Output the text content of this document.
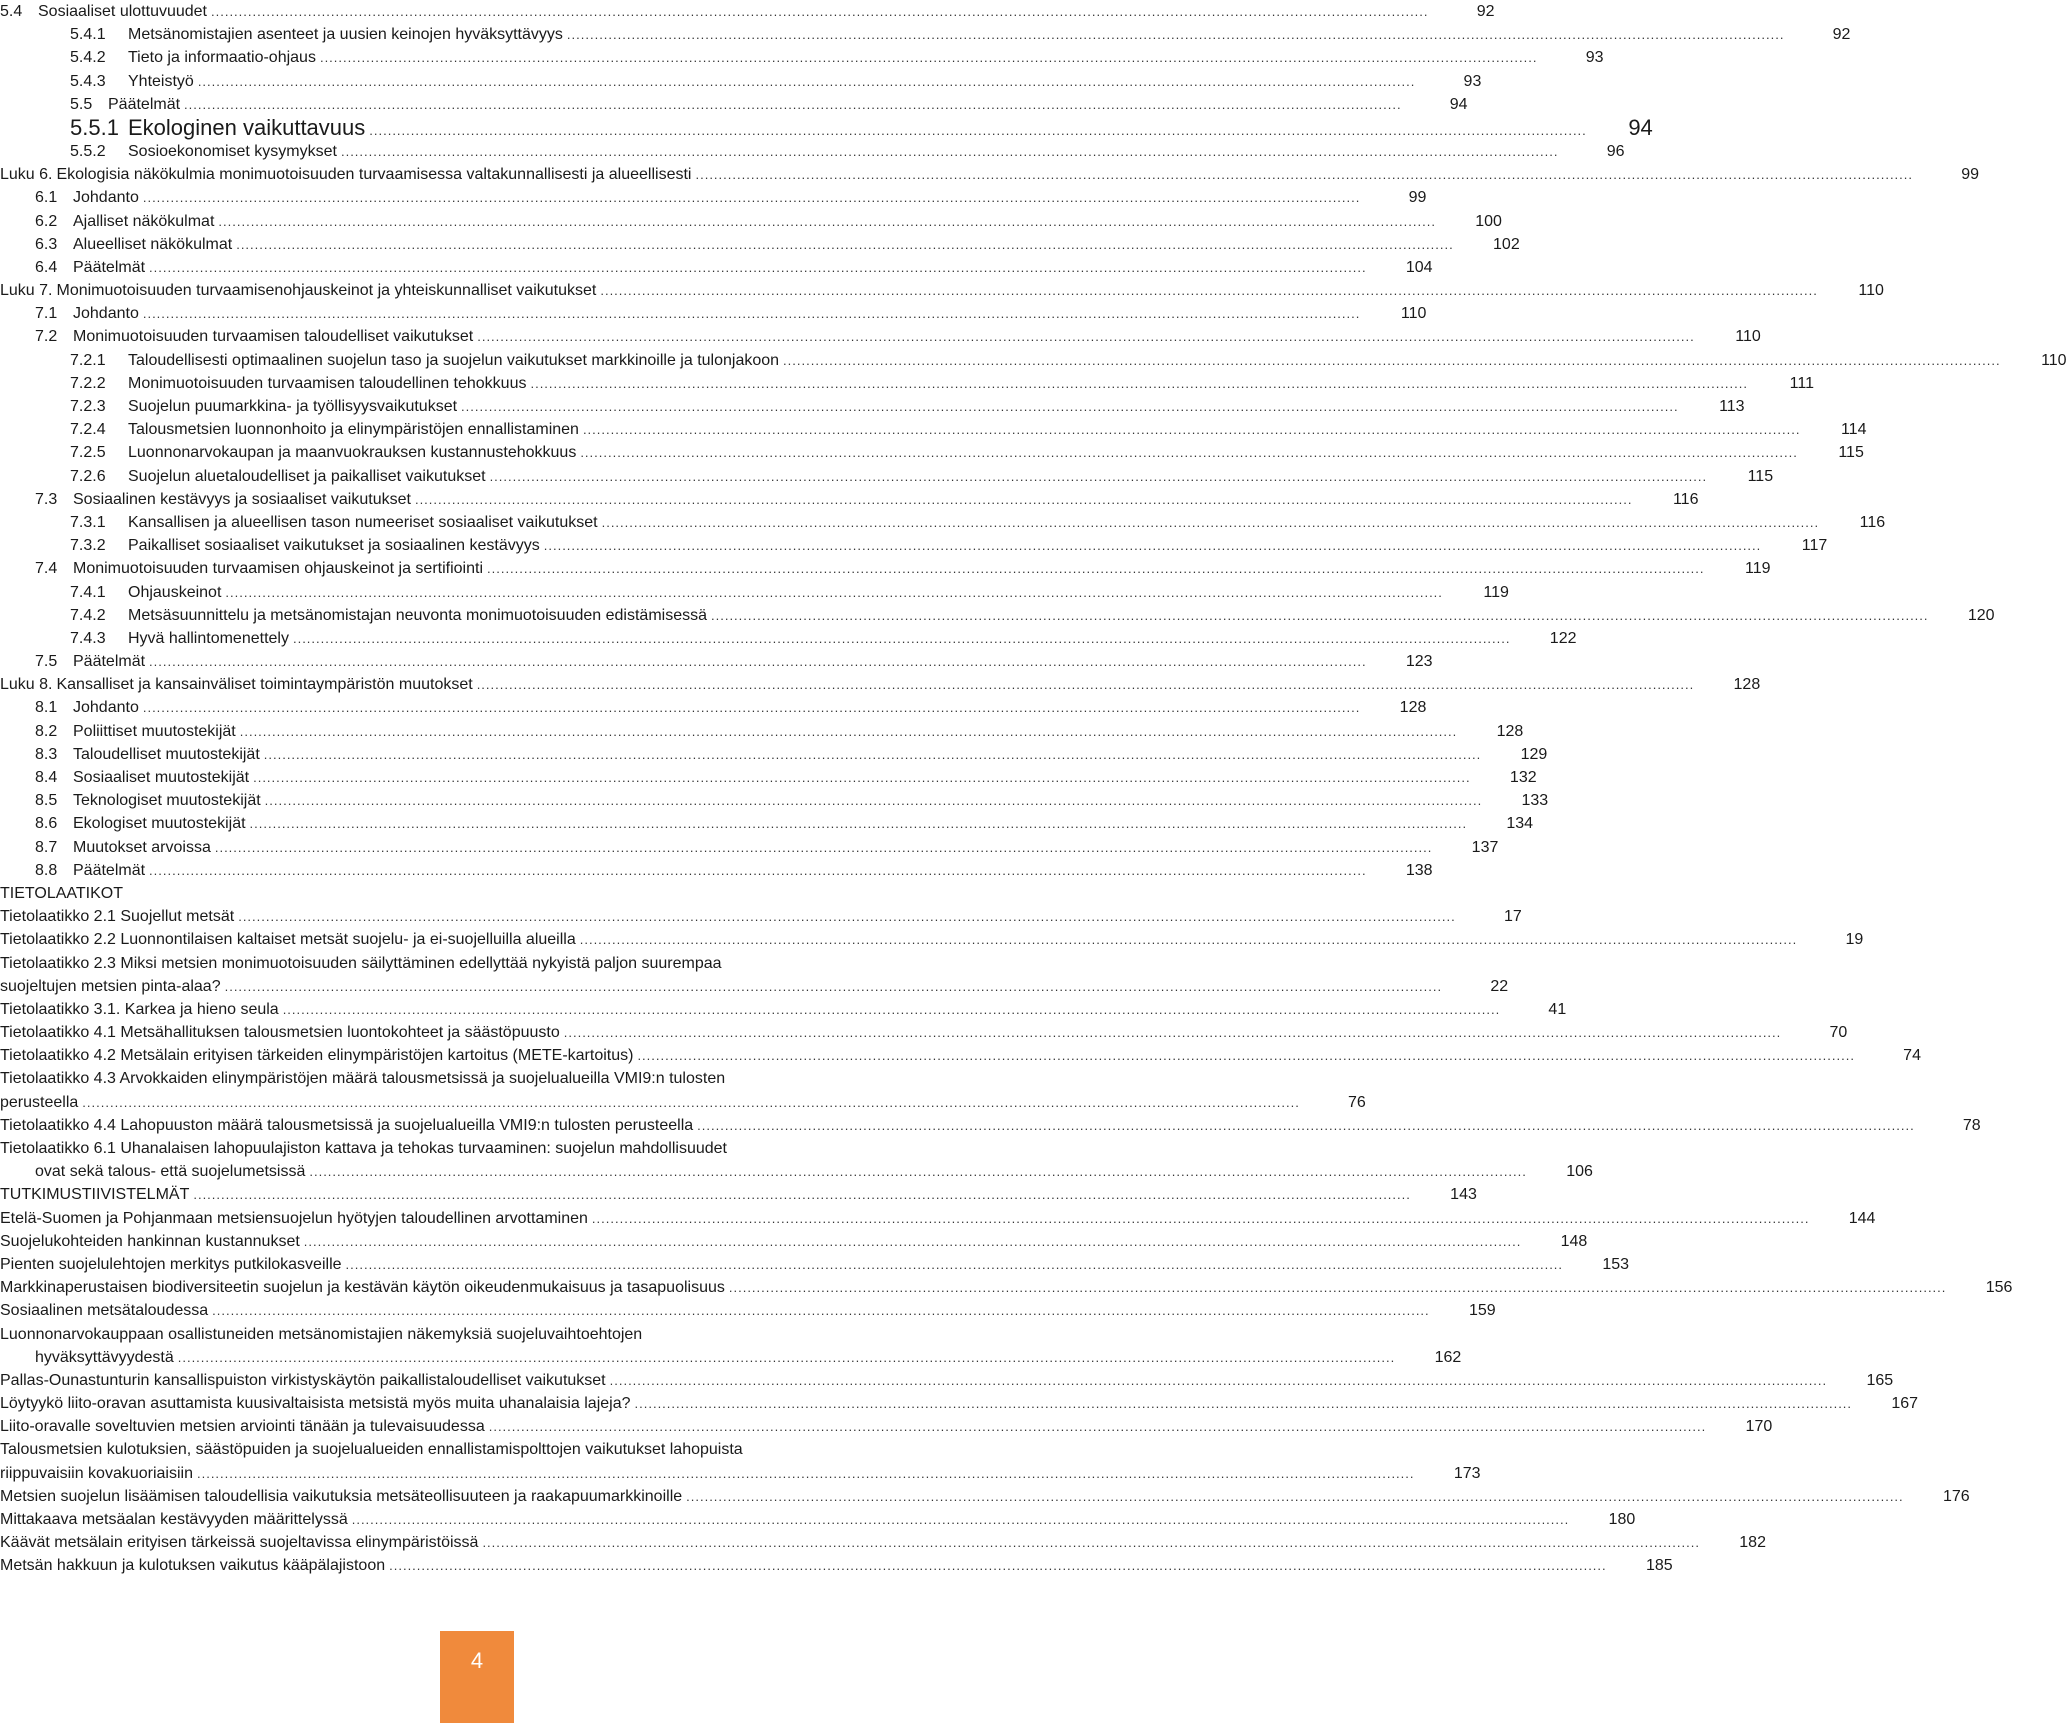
5.4 Sosiaaliset ulottuvuudet .....	92
5.4.1	Metsänomistajien asenteet ja uusien keinojen hyväksyttävyys .....	92
5.4.2	Tieto ja informaatio-ohjaus .....	93
5.4.3	Yhteistyö .....	93
5.5 Päätelmät .....	94
5.5.1 Ekologinen vaikuttavuus .....	94
5.5.2	Sosioekonomiset kysymykset .....	96
Luku 6. Ekologisia näkökulmia monimuotoisuuden turvaamisessa valtakunnallisesti ja alueellisesti .....	99
6.1 Johdanto .....	99
6.2 Ajalliset näkökulmat .....	100
6.3 Alueelliset näkökulmat .....	102
6.4 Päätelmät .....	104
Luku 7. Monimuotoisuuden turvaamisenohjauskeinot ja yhteiskunnalliset vaikutukset .....	110
7.1 Johdanto .....	110
7.2 Monimuotoisuuden turvaamisen taloudelliset vaikutukset .....	110
7.2.1	Taloudellisesti optimaalinen suojelun taso ja suojelun vaikutukset markkinoille ja tulonjakoon .....	110
7.2.2	Monimuotoisuuden turvaamisen taloudellinen tehokkuus .....	111
7.2.3	Suojelun puumarkkina- ja työllisyysvaikutukset .....	113
7.2.4	Talousmetsien luonnonhoito ja elinympäristöjen ennallistaminen .....	114
7.2.5	Luonnonarvokaupan ja maanvuokrauksen kustannustehokkuus .....	115
7.2.6	Suojelun aluetaloudelliset ja paikalliset vaikutukset .....	115
7.3 Sosiaalinen kestävyys ja sosiaaliset vaikutukset .....	116
7.3.1	Kansallisen ja alueellisen tason numeeriset sosiaaliset vaikutukset .....	116
7.3.2	Paikalliset sosiaaliset vaikutukset ja sosiaalinen kestävyys .....	117
7.4 Monimuotoisuuden turvaamisen ohjauskeinot ja sertifiointi .....	119
7.4.1	Ohjauskeinot .....	119
7.4.2	Metsäsuunnittelu ja metsänomistajan neuvonta monimuotoisuuden edistämisessä .....	120
7.4.3	Hyvä hallintomenettely .....	122
7.5 Päätelmät .....	123
Luku 8. Kansalliset ja kansainväliset toimintaympäristön muutokset .....	128
8.1 Johdanto .....	128
8.2 Poliittiset muutostekijät .....	128
8.3 Taloudelliset muutostekijät .....	129
8.4 Sosiaaliset muutostekijät .....	132
8.5 Teknologiset muutostekijät .....	133
8.6 Ekologiset muutostekijät .....	134
8.7 Muutokset arvoissa .....	137
8.8 Päätelmät .....	138
TIETOLAATIKOT
Tietolaatikko 2.1 Suojellut metsät .....	17
Tietolaatikko 2.2 Luonnontilaisen kaltaiset metsät suojelu- ja ei-suojelluilla alueilla .....	19
Tietolaatikko 2.3 Miksi metsien monimuotoisuuden säilyttäminen edellyttää nykyistä paljon suurempaa
suojeltujen metsien pinta-alaa? .....	22
Tietolaatikko 3.1. Karkea ja hieno seula .....	41
Tietolaatikko 4.1 Metsähallituksen talousmetsien luontokohteet ja säästöpuusto .....	70
Tietolaatikko 4.2 Metsälain erityisen tärkeiden elinympäristöjen kartoitus (METE-kartoitus) .....	74
Tietolaatikko 4.3 Arvokkaiden elinympäristöjen määrä talousmetsissä ja suojelualueilla VMI9:n tulosten
perusteella .....	76
Tietolaatikko 4.4 Lahopuuston määrä talousmetsissä ja suojelualueilla VMI9:n tulosten perusteella .....	78
Tietolaatikko 6.1 Uhanalaisen lahopuulajiston kattava ja tehokas turvaaminen: suojelun mahdollisuudet
ovat sekä talous- että suojelumetsissä .....	106
TUTKIMUSTIIVISTELMÄT .....	143
Etelä-Suomen ja Pohjanmaan metsiensuojelun hyötyjen taloudellinen arvottaminen .....	144
Suojelukohteiden hankinnan kustannukset .....	148
Pienten suojelulehtojen merkitys putkilokasveille .....	153
Markkinaperustaisen biodiversiteetin suojelun ja kestävän käytön oikeudenmukaisuus ja tasapuolisuus .....	156
Sosiaalinen metsätaloudessa .....	159
Luonnonarvokauppaan osallistuneiden metsänomistajien näkemyksiä suojeluvaihtoehtojen
hyväksyttävyydestä .....	162
Pallas-Ounastunturin kansallispuiston virkistyskäytön paikallistaloudelliset vaikutukset .....	165
Löytyykö liito-oravan asuttamista kuusivaltaisista metsistä myös muita uhanalaisia lajeja? .....	167
Liito-oravalle soveltuvien metsien arviointi tänään ja tulevaisuudessa .....	170
Talousmetsien kulotuksien, säästöpuiden ja suojelualueiden ennallistamispolttojen vaikutukset lahopuista
riippuvaisiin kovakuoriaisiin .....	173
Metsien suojelun lisäämisen taloudellisia vaikutuksia metsäteollisuuteen ja raakapuumarkkinoille .....	176
Mittakaava metsäalan kestävyyden määrittelyssä .....	180
Käävät metsälain erityisen tärkeissä suojeltavissa elinympäristöissä .....	182
Metsän hakkuun ja kulotuksen vaikutus kääpälajistoon .....	185
4
